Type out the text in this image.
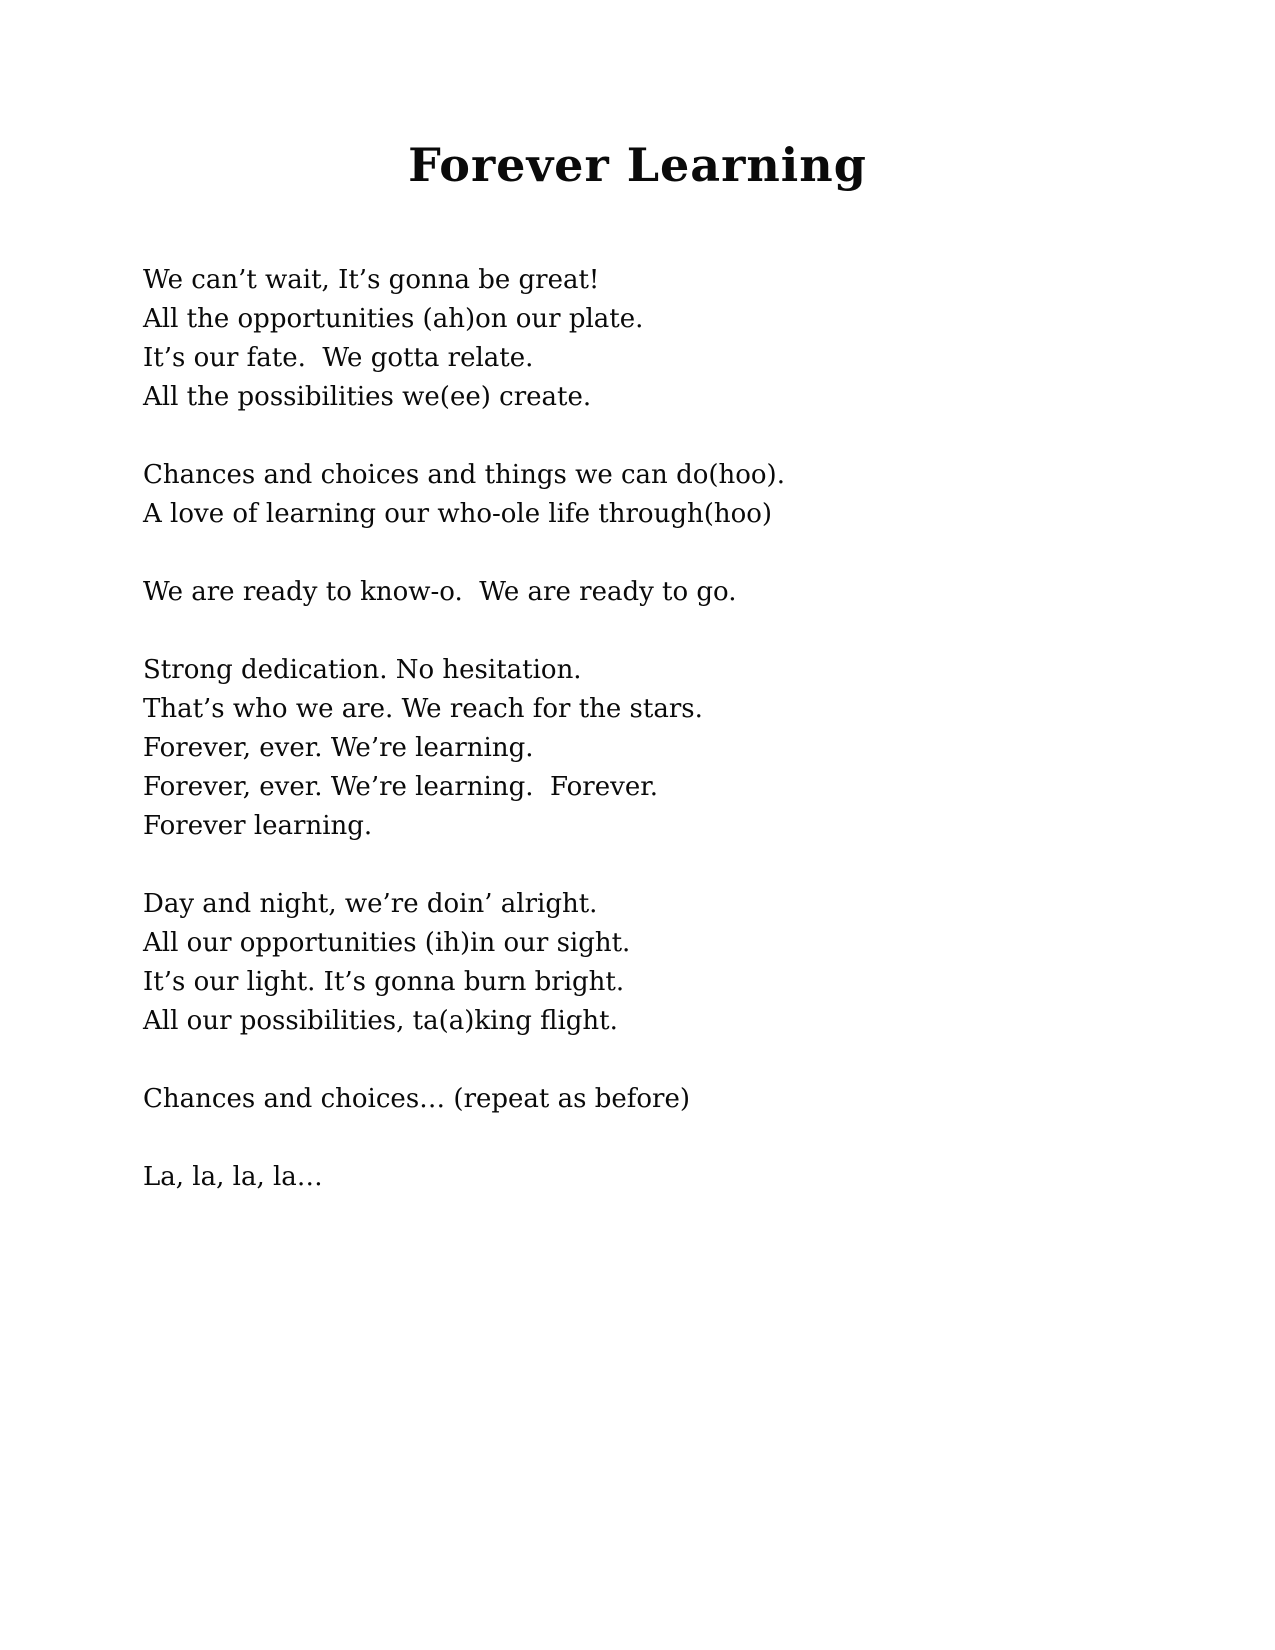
Forever Learning
We can’t wait, It’s gonna be great!
All the opportunities (ah)on our plate.
It’s our fate.  We gotta relate.
All the possibilities we(ee) create.
Chances and choices and things we can do(hoo).
A love of learning our who-ole life through(hoo)
We are ready to know-o.  We are ready to go.
Strong dedication. No hesitation.
That’s who we are. We reach for the stars.
Forever, ever. We’re learning.
Forever, ever. We’re learning.  Forever.
Forever learning.
Day and night, we’re doin’ alright.
All our opportunities (ih)in our sight.
It’s our light. It’s gonna burn bright.
All our possibilities, ta(a)king flight.
Chances and choices… (repeat as before)
La, la, la, la…
